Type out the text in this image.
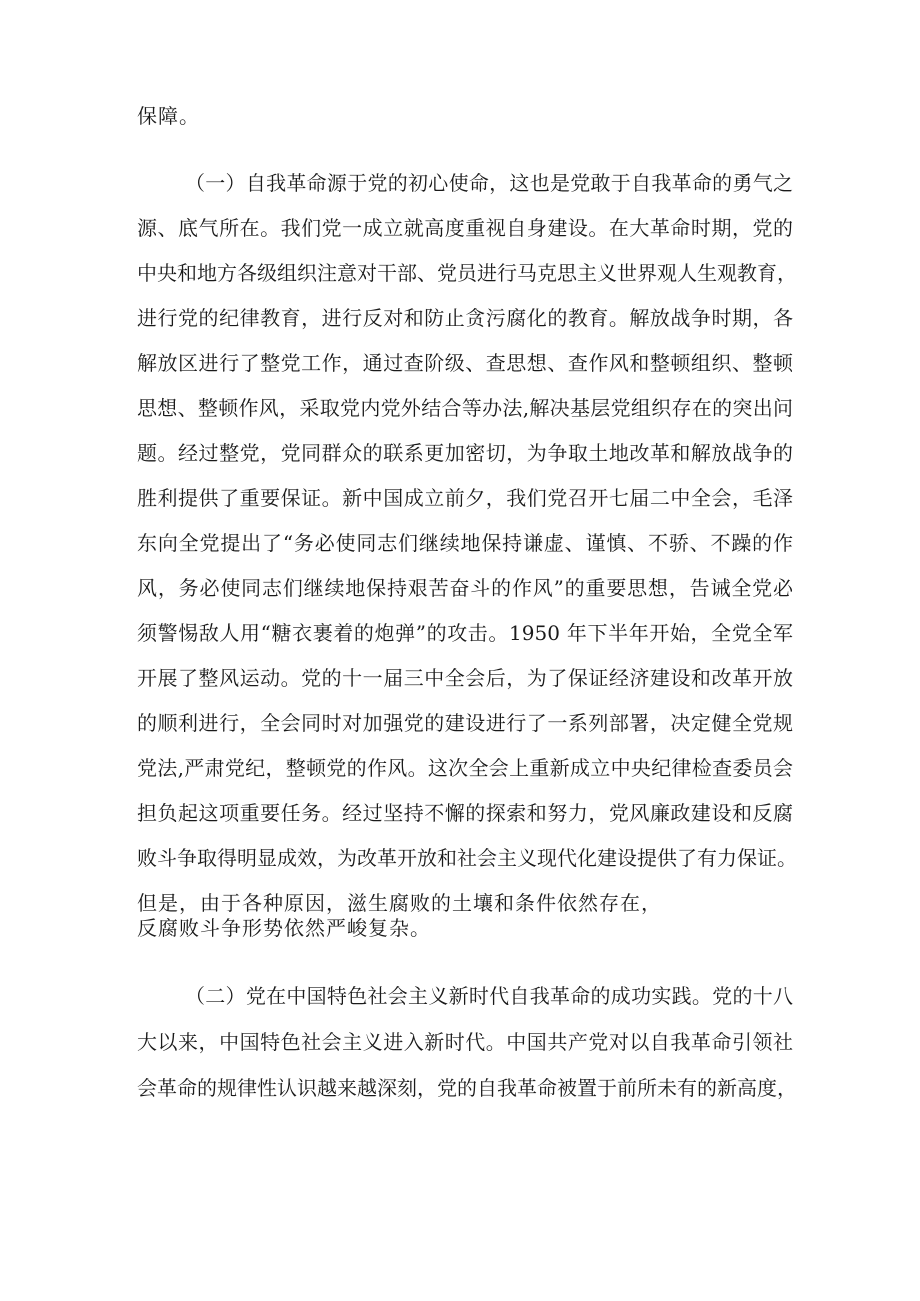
保障。
（一）自我革命源于党的初心使命，这也是党敢于自我革命的勇气之
源、底气所在。我们党一成立就高度重视自身建设。在大革命时期，党的
中央和地方各级组织注意对干部、党员进行马克思主义世界观人生观教育，
进行党的纪律教育，进行反对和防止贪污腐化的教育。解放战争时期，各
解放区进行了整党工作，通过查阶级、查思想、查作风和整顿组织、整顿
思想、整顿作风，采取党内党外结合等办法,解决基层党组织存在的突出问
题。经过整党，党同群众的联系更加密切，为争取土地改革和解放战争的
胜利提供了重要保证。新中国成立前夕，我们党召开七届二中全会，毛泽
东向全党提出了“务必使同志们继续地保持谦虚、谨慎、不骄、不躁的作
风，务必使同志们继续地保持艰苦奋斗的作风”的重要思想，告诫全党必
须警惕敌人用“糖衣裹着的炮弹”的攻击。1950 年下半年开始，全党全军
开展了整风运动。党的十一届三中全会后，为了保证经济建设和改革开放
的顺利进行，全会同时对加强党的建设进行了一系列部署，决定健全党规
党法,严肃党纪，整顿党的作风。这次全会上重新成立中央纪律检查委员会
担负起这项重要任务。经过坚持不懈的探索和努力，党风廉政建设和反腐
败斗争取得明显成效，为改革开放和社会主义现代化建设提供了有力保证。
但是，由于各种原因，滋生腐败的土壤和条件依然存在，
反腐败斗争形势依然严峻复杂。
（二）党在中国特色社会主义新时代自我革命的成功实践。党的十八
大以来，中国特色社会主义进入新时代。中国共产党对以自我革命引领社
会革命的规律性认识越来越深刻，党的自我革命被置于前所未有的新高度，
